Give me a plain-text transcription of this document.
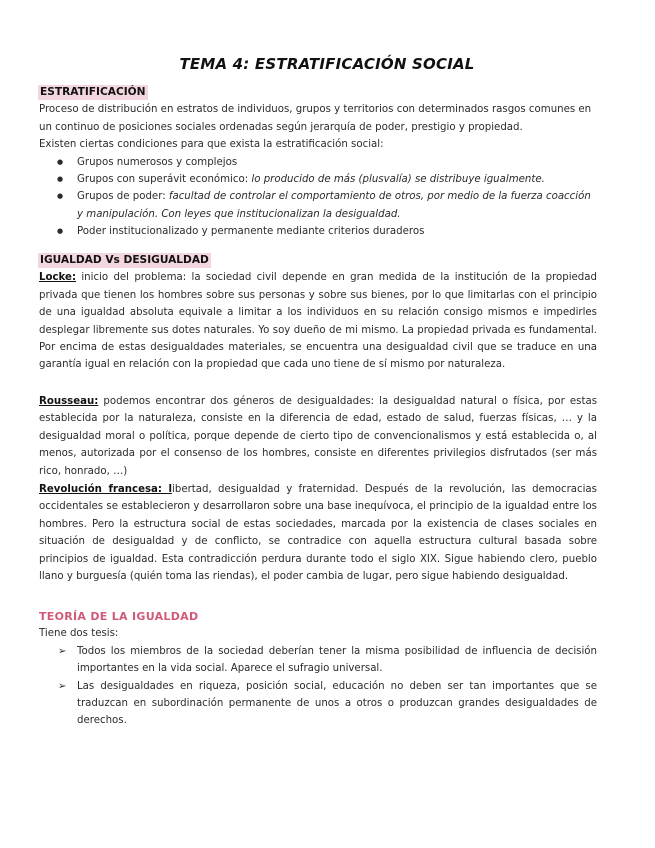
TEMA 4: ESTRATIFICACIÓN SOCIAL
ESTRATIFICACIÓN

Proceso de distribución en estratos de individuos, grupos y territorios con determinados rasgos comunes en un continuo de posiciones sociales ordenadas según jerarquía de poder, prestigio y propiedad.

Existen ciertas condiciones para que exista la estratificación social:

● Grupos numerosos y complejos
● Grupos con superávit económico: lo producido de más (plusvalía) se distribuye igualmente.
● Grupos de poder: facultad de controlar el comportamiento de otros, por medio de la fuerza coacción y manipulación. Con leyes que institucionalizan la desigualdad.
● Poder institucionalizado y permanente mediante criterios duraderos
IGUALDAD Vs DESIGUALDAD

Locke: inicio del problema: la sociedad civil depende en gran medida de la institución de la propiedad privada que tienen los hombres sobre sus personas y sobre sus bienes, por lo que limitarlas con el principio de una igualdad absoluta equivale a limitar a los individuos en su relación consigo mismos e impedirles desplegar libremente sus dotes naturales. Yo soy dueño de mi mismo. La propiedad privada es fundamental. Por encima de estas desigualdades materiales, se encuentra una desigualdad civil que se traduce en una garantía igual en relación con la propiedad que cada uno tiene de sí mismo por naturaleza.

Rousseau: podemos encontrar dos géneros de desigualdades: la desigualdad natural o física, por estas establecida por la naturaleza, consiste en la diferencia de edad, estado de salud, fuerzas físicas, … y la desigualdad moral o política, porque depende de cierto tipo de convencionalismos y está establecida o, al menos, autorizada por el consenso de los hombres, consiste en diferentes privilegios disfrutados (ser más rico, honrado, …)

Revolución francesa: libertad, desigualdad y fraternidad. Después de la revolución, las democracias occidentales se establecieron y desarrollaron sobre una base inequívoca, el principio de la igualdad entre los hombres. Pero la estructura social de estas sociedades, marcada por la existencia de clases sociales en situación de desigualdad y de conflicto, se contradice con aquella estructura cultural basada sobre principios de igualdad. Esta contradicción perdura durante todo el siglo XIX. Sigue habiendo clero, pueblo llano y burguesía (quién toma las riendas), el poder cambia de lugar, pero sigue habiendo desigualdad.

TEORÍA DE LA IGUALDAD

Tiene dos tesis:

➢ Todos los miembros de la sociedad deberían tener la misma posibilidad de influencia de decisión importantes en la vida social. Aparece el sufragio universal.
➢ Las desigualdades en riqueza, posición social, educación no deben ser tan importantes que se traduzcan en subordinación permanente de unos a otros o produzcan grandes desigualdades de derechos.
